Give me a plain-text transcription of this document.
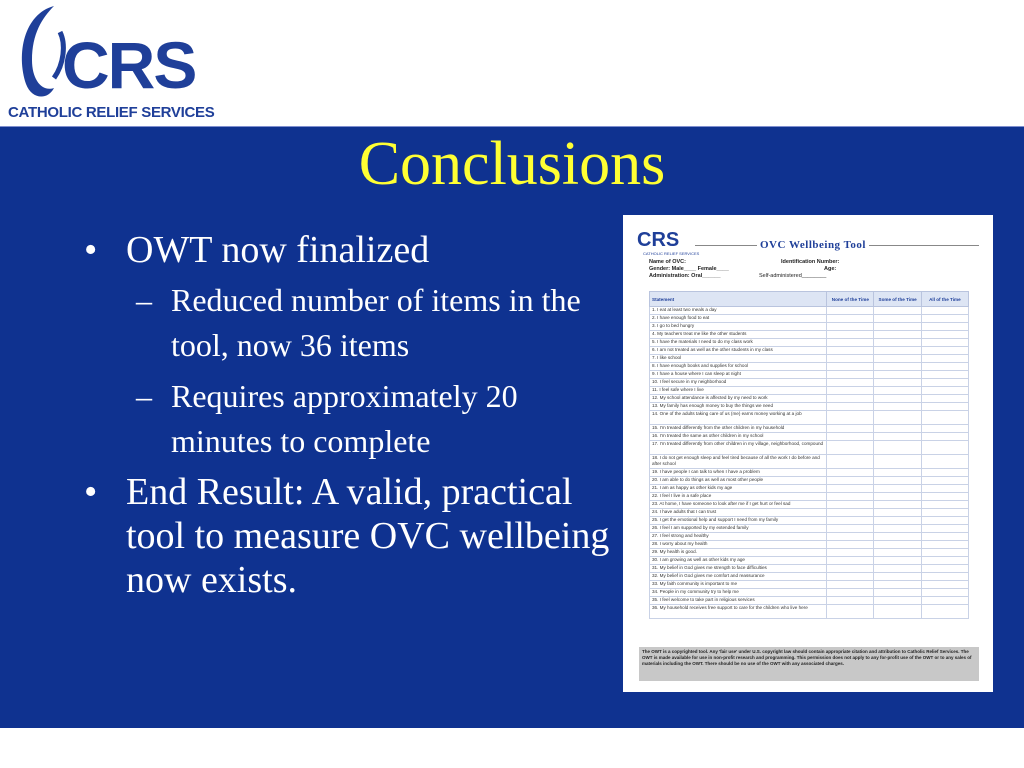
CRS
CATHOLIC RELIEF SERVICES
Conclusions
• OWT now finalized
– Reduced number of items in the tool, now 36 items
– Requires approximately 20 minutes to complete
• End Result: A valid, practical tool to measure OVC wellbeing now exists.
CRS
CATHOLIC RELIEF SERVICES
OVC Wellbeing Tool
Name of OVC:	Identification Number:
Gender: Male____ Female____	Age:
Administration: Oral______	Self-administered________
Statement	None of the Time	Some of the Time	All of the Time
1. I eat at least two meals a day			
2. I have enough food to eat			
3. I go to bed hungry			
4. My teachers treat me like the other students			
5. I have the materials I need to do my class work			
6. I am not treated as well as the other students in my class			
7. I like school			
8. I have enough books and supplies for school			
9. I have a house where I can sleep at night			
10. I feel secure in my neighborhood			
11. I feel safe where I live			
12. My school attendance is affected by my need to work			
13. My family has enough money to buy the things we need			
14. One of the adults taking care of us (me) earns money working at a job			
15. I'm treated differently from the other children in my household			
16. I'm treated the same as other children in my school			
17. I'm treated differently from other children in my village, neighborhood, compound			
18. I do not get enough sleep and feel tired because of all the work I do before and after school			
19. I have people I can talk to when I have a problem			
20. I am able to do things as well as most other people			
21. I am as happy as other kids my age			
22. I feel I live in a safe place			
23. At home, I have someone to look after me if I get hurt or feel sad			
24. I have adults that I can trust			
25. I get the emotional help and support I need from my family			
26. I feel I am supported by my extended family			
27. I feel strong and healthy			
28. I worry about my health			
29. My health is good.			
30. I am growing as well as other kids my age			
31. My belief in God gives me strength to face difficulties			
32. My belief in God gives me comfort and reassurance			
33. My faith community is important to me			
34. People in my community try to help me			
35. I feel welcome to take part in religious services			
36. My household receives free support to care for the children who live here			
The OWT is a copyrighted tool. Any 'fair use' under U.S. copyright law should contain appropriate citation and attribution to Catholic Relief Services. The OWT is made available for use in non-profit research and programming. This permission does not apply to any for-profit use of the OWT or to any sales of materials including the OWT. There should be no use of the OWT with any associated charges.
